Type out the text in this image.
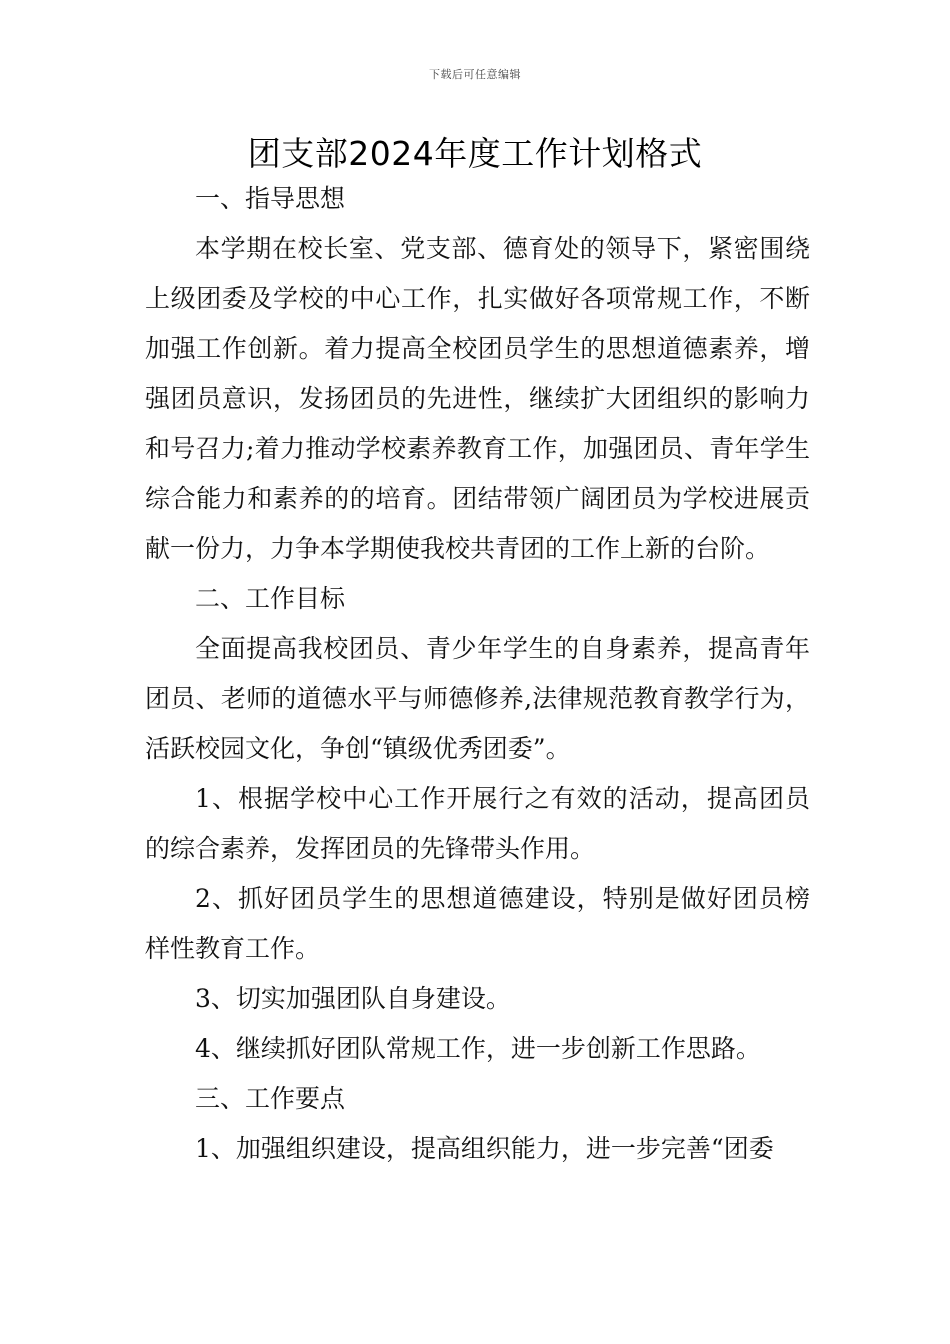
下载后可任意编辑
团支部2024年度工作计划格式

一、指导思想

本学期在校长室、党支部、德育处的领导下，紧密围绕上级团委及学校的中心工作，扎实做好各项常规工作，不断加强工作创新。着力提高全校团员学生的思想道德素养，增强团员意识，发扬团员的先进性，继续扩大团组织的影响力和号召力;着力推动学校素养教育工作，加强团员、青年学生综合能力和素养的的培育。团结带领广阔团员为学校进展贡献一份力，力争本学期使我校共青团的工作上新的台阶。

二、工作目标

全面提高我校团员、青少年学生的自身素养，提高青年团员、老师的道德水平与师德修养,法律规范教育教学行为，活跃校园文化，争创“镇级优秀团委”。

1、根据学校中心工作开展行之有效的活动，提高团员的综合素养，发挥团员的先锋带头作用。

2、抓好团员学生的思想道德建设，特别是做好团员榜样性教育工作。

3、切实加强团队自身建设。

4、继续抓好团队常规工作，进一步创新工作思路。

三、工作要点

1、加强组织建设，提高组织能力，进一步完善“团委
